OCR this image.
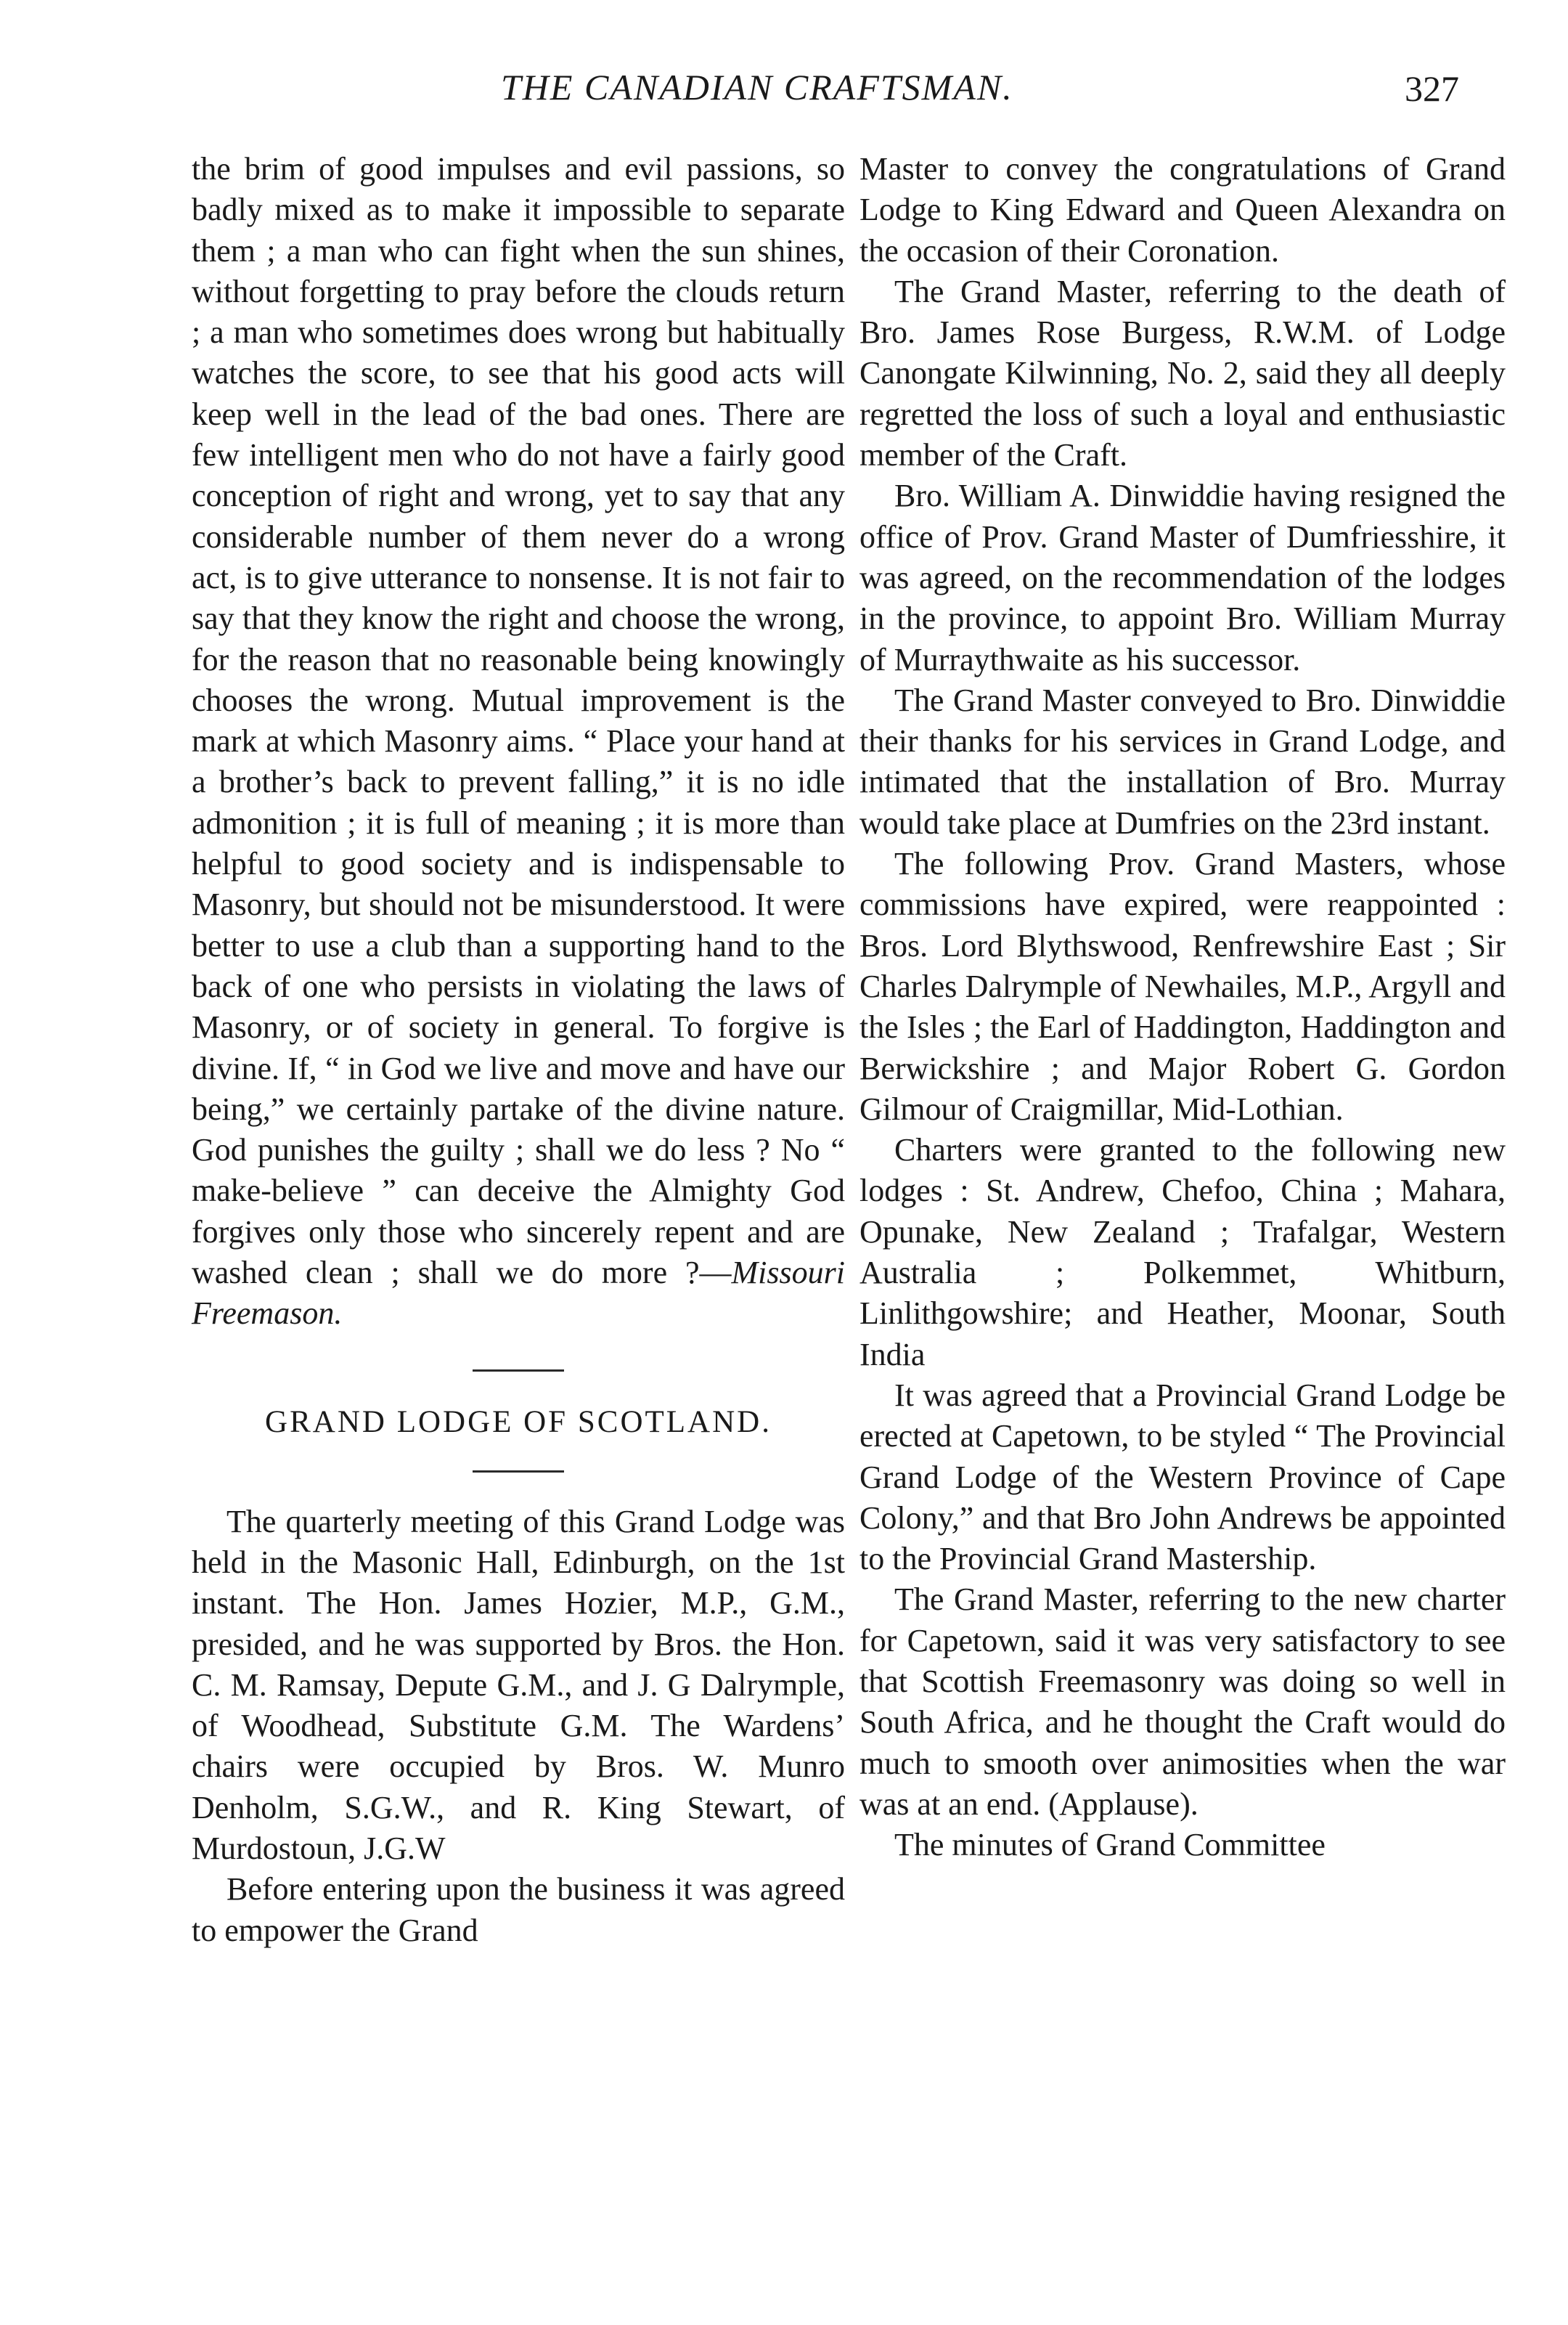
THE CANADIAN CRAFTSMAN.	327

the brim of good impulses and evil passions, so badly mixed as to make it impossible to separate them ; a man who can fight when the sun shines, without forgetting to pray before the clouds return ; a man who sometimes does wrong but habitually watches the score, to see that his good acts will keep well in the lead of the bad ones. There are few intelligent men who do not have a fairly good conception of right and wrong, yet to say that any considerable number of them never do a wrong act, is to give utterance to nonsense. It is not fair to say that they know the right and choose the wrong, for the reason that no reasonable being knowingly chooses the wrong. Mutual improvement is the mark at which Masonry aims. “ Place your hand at a brother’s back to prevent falling,” it is no idle admonition ; it is full of meaning ; it is more than helpful to good society and is indispensable to Masonry, but should not be misunderstood. It were better to use a club than a supporting hand to the back of one who persists in violating the laws of Masonry, or of society in general. To forgive is divine. If, “ in God we live and move and have our being,” we certainly partake of the divine nature. God punishes the guilty ; shall we do less ? No “ make-believe ” can deceive the Almighty God forgives only those who sincerely repent and are washed clean ; shall we do more ?—Missouri Freemason.

GRAND LODGE OF SCOTLAND.

The quarterly meeting of this Grand Lodge was held in the Masonic Hall, Edinburgh, on the 1st instant. The Hon. James Hozier, M.P., G.M., presided, and he was supported by Bros. the Hon. C. M. Ramsay, Depute G.M., and J. G Dalrymple, of Woodhead, Substitute G.M. The Wardens’ chairs were occupied by Bros. W. Munro Denholm, S.G.W., and R. King Stewart, of Murdostoun, J.G.W

Before entering upon the business it was agreed to empower the Grand

Master to convey the congratulations of Grand Lodge to King Edward and Queen Alexandra on the occasion of their Coronation.

The Grand Master, referring to the death of Bro. James Rose Burgess, R.W.M. of Lodge Canongate Kilwinning, No. 2, said they all deeply regretted the loss of such a loyal and enthusiastic member of the Craft.

Bro. William A. Dinwiddie having resigned the office of Prov. Grand Master of Dumfriesshire, it was agreed, on the recommendation of the lodges in the province, to appoint Bro. William Murray of Murraythwaite as his successor.

The Grand Master conveyed to Bro. Dinwiddie their thanks for his services in Grand Lodge, and intimated that the installation of Bro. Murray would take place at Dumfries on the 23rd instant.

The following Prov. Grand Masters, whose commissions have expired, were reappointed : Bros. Lord Blythswood, Renfrewshire East ; Sir Charles Dalrymple of Newhailes, M.P., Argyll and the Isles ; the Earl of Haddington, Haddington and Berwickshire ; and Major Robert G. Gordon Gilmour of Craigmillar, Mid-Lothian.

Charters were granted to the following new lodges : St. Andrew, Chefoo, China ; Mahara, Opunake, New Zealand ; Trafalgar, Western Australia ; Polkemmet, Whitburn, Linlithgowshire; and Heather, Moonar, South India

It was agreed that a Provincial Grand Lodge be erected at Capetown, to be styled “ The Provincial Grand Lodge of the Western Province of Cape Colony,” and that Bro John Andrews be appointed to the Provincial Grand Mastership.

The Grand Master, referring to the new charter for Capetown, said it was very satisfactory to see that Scottish Freemasonry was doing so well in South Africa, and he thought the Craft would do much to smooth over animosities when the war was at an end. (Applause).

The minutes of Grand Committee
